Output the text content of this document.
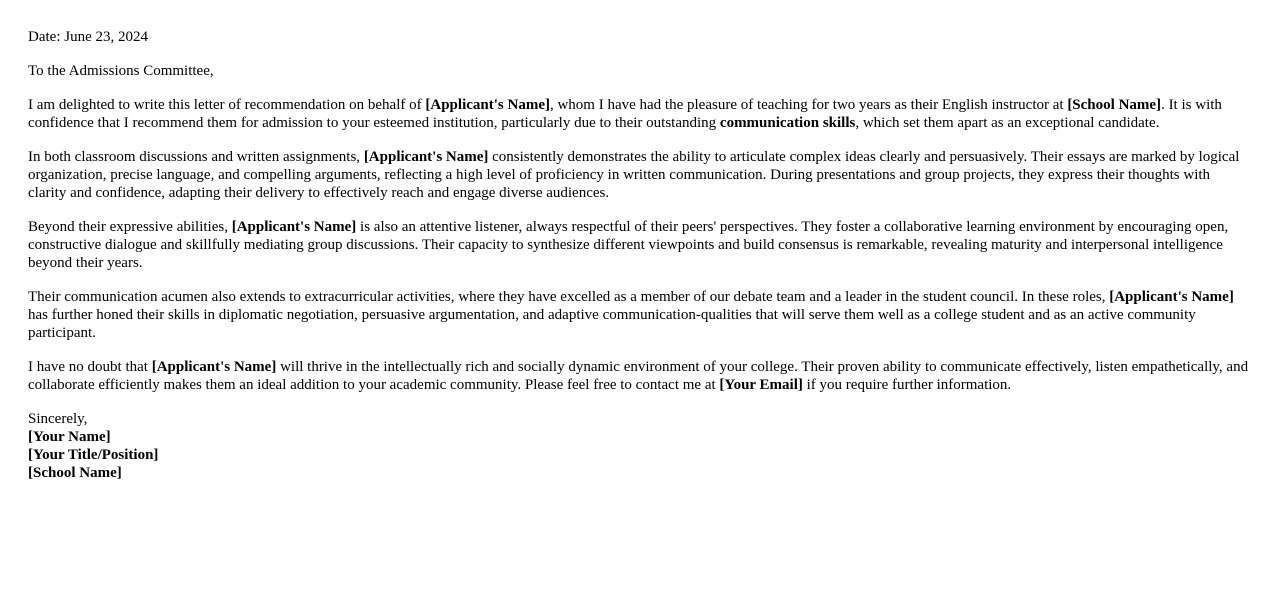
Date: June 23, 2024

To the Admissions Committee,

I am delighted to write this letter of recommendation on behalf of [Applicant's Name], whom I have had the pleasure of teaching for two years as their English instructor at [School Name]. It is with confidence that I recommend them for admission to your esteemed institution, particularly due to their outstanding communication skills, which set them apart as an exceptional candidate.

In both classroom discussions and written assignments, [Applicant's Name] consistently demonstrates the ability to articulate complex ideas clearly and persuasively. Their essays are marked by logical organization, precise language, and compelling arguments, reflecting a high level of proficiency in written communication. During presentations and group projects, they express their thoughts with clarity and confidence, adapting their delivery to effectively reach and engage diverse audiences.

Beyond their expressive abilities, [Applicant's Name] is also an attentive listener, always respectful of their peers' perspectives. They foster a collaborative learning environment by encouraging open, constructive dialogue and skillfully mediating group discussions. Their capacity to synthesize different viewpoints and build consensus is remarkable, revealing maturity and interpersonal intelligence beyond their years.

Their communication acumen also extends to extracurricular activities, where they have excelled as a member of our debate team and a leader in the student council. In these roles, [Applicant's Name] has further honed their skills in diplomatic negotiation, persuasive argumentation, and adaptive communication-qualities that will serve them well as a college student and as an active community participant.

I have no doubt that [Applicant's Name] will thrive in the intellectually rich and socially dynamic environment of your college. Their proven ability to communicate effectively, listen empathetically, and collaborate efficiently makes them an ideal addition to your academic community. Please feel free to contact me at [Your Email] if you require further information.

Sincerely,
[Your Name]
[Your Title/Position]
[School Name]
